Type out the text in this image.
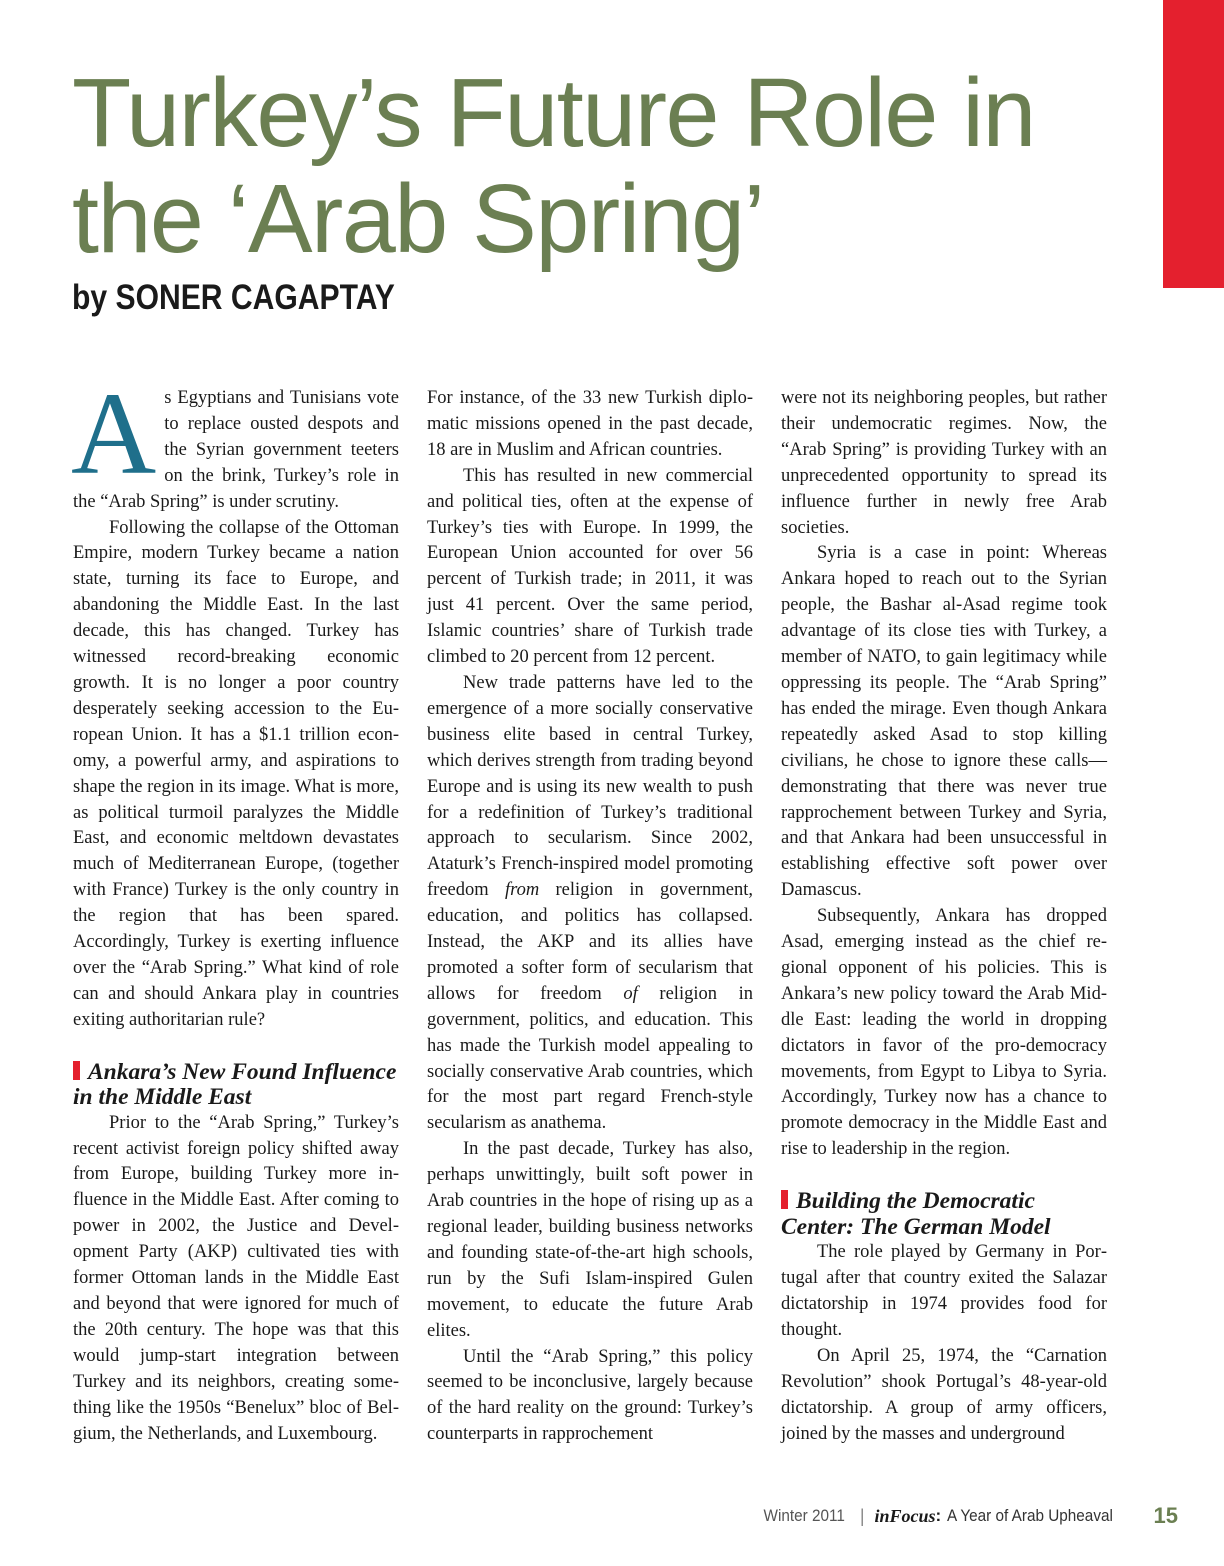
Turkey’s Future Role in the ‘Arab Spring’
by SONER CAGAPTAY

As Egyptians and Tunisians vote to replace ousted despots and the Syrian government teeters on the brink, Turkey’s role in the “Arab Spring” is under scrutiny.

Following the collapse of the Ottoman Empire, modern Turkey became a nation state, turning its face to Europe, and abandoning the Middle East. In the last decade, this has changed. Turkey has witnessed record-breaking economic growth. It is no longer a poor country desperately seeking accession to the European Union. It has a $1.1 trillion economy, a powerful army, and aspirations to shape the region in its image. What is more, as political turmoil paralyzes the Middle East, and economic meltdown devastates much of Mediterranean Europe, (together with France) Turkey is the only country in the region that has been spared. Accordingly, Turkey is exerting influence over the “Arab Spring.” What kind of role can and should Ankara play in countries exiting authoritarian rule?

Ankara’s New Found Influence in the Middle East

Prior to the “Arab Spring,” Turkey’s recent activist foreign policy shifted away from Europe, building Turkey more influence in the Middle East. After coming to power in 2002, the Justice and Development Party (AKP) cultivated ties with former Ottoman lands in the Middle East and beyond that were ignored for much of the 20th century. The hope was that this would jump-start integration between Turkey and its neighbors, creating something like the 1950s “Benelux” bloc of Belgium, the Netherlands, and Luxembourg.

For instance, of the 33 new Turkish diplomatic missions opened in the past decade, 18 are in Muslim and African countries.

This has resulted in new commercial and political ties, often at the expense of Turkey’s ties with Europe. In 1999, the European Union accounted for over 56 percent of Turkish trade; in 2011, it was just 41 percent. Over the same period, Islamic countries’ share of Turkish trade climbed to 20 percent from 12 percent.

New trade patterns have led to the emergence of a more socially conservative business elite based in central Turkey, which derives strength from trading beyond Europe and is using its new wealth to push for a redefinition of Turkey’s traditional approach to secularism. Since 2002, Ataturk’s French-inspired model promoting freedom from religion in government, education, and politics has collapsed. Instead, the AKP and its allies have promoted a softer form of secularism that allows for freedom of religion in government, politics, and education. This has made the Turkish model appealing to socially conservative Arab countries, which for the most part regard French-style secularism as anathema.

In the past decade, Turkey has also, perhaps unwittingly, built soft power in Arab countries in the hope of rising up as a regional leader, building business networks and founding state-of-the-art high schools, run by the Sufi Islam-inspired Gulen movement, to educate the future Arab elites.

Until the “Arab Spring,” this policy seemed to be inconclusive, largely because of the hard reality on the ground: Turkey’s counterparts in rapprochement

were not its neighboring peoples, but rather their undemocratic regimes. Now, the “Arab Spring” is providing Turkey with an unprecedented opportunity to spread its influence further in newly free Arab societies.

Syria is a case in point: Whereas Ankara hoped to reach out to the Syrian people, the Bashar al-Asad regime took advantage of its close ties with Turkey, a member of NATO, to gain legitimacy while oppressing its people. The “Arab Spring” has ended the mirage. Even though Ankara repeatedly asked Asad to stop killing civilians, he chose to ignore these calls—demonstrating that there was never true rapprochement between Turkey and Syria, and that Ankara had been unsuccessful in establishing effective soft power over Damascus.

Subsequently, Ankara has dropped Asad, emerging instead as the chief regional opponent of his policies. This is Ankara’s new policy toward the Arab Middle East: leading the world in dropping dictators in favor of the pro-democracy movements, from Egypt to Libya to Syria. Accordingly, Turkey now has a chance to promote democracy in the Middle East and rise to leadership in the region.

Building the Democratic Center: The German Model

The role played by Germany in Portugal after that country exited the Salazar dictatorship in 1974 provides food for thought.

On April 25, 1974, the “Carnation Revolution” shook Portugal’s 48-year-old dictatorship. A group of army officers, joined by the masses and underground

Winter 2011 | inFocus : A Year of Arab Upheaval 15
